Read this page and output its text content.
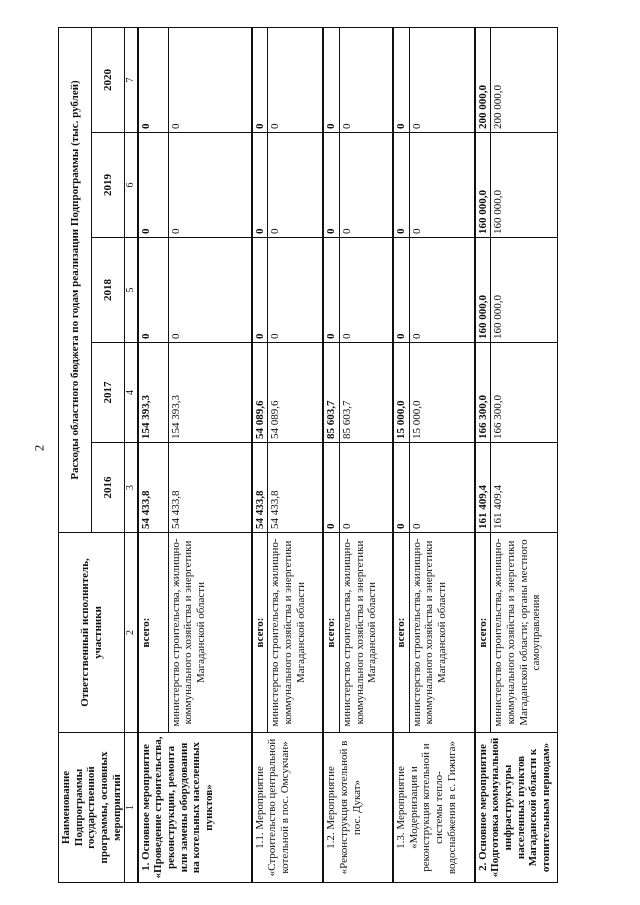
2
Наименование Подпрограммы государственной программы, основных мероприятий	Ответственный исполнитель, участники	Расходы областного бюджета по годам реализации Подпрограммы (тыс. рублей)				
		2016	2017	2018	2019	2020
1	2	3	4	5	6	7
1. Основное мероприятие «Проведение строительства, реконструкции, ремонта или замены оборудования на котельных населенных пунктов»	всего:	54 433,8	154 393,3	0	0	0
	министерство строительства, жилищно-коммунального хозяйства и энергетики Магаданской области	54 433,8	154 393,3	0	0	0
1.1. Мероприятие «Строительство центральной котельной в пос. Омсукчан»	всего:	54 433,8	54 089,6	0	0	0
	министерство строительства, жилищно-коммунального хозяйства и энергетики Магаданской области	54 433,8	54 089,6	0	0	0
1.2. Мероприятие «Реконструкция котельной в пос. Дукат»	всего:	0	85 603,7	0	0	0
	министерство строительства, жилищно-коммунального хозяйства и энергетики Магаданской области	0	85 603,7	0	0	0
1.3. Мероприятие «Модернизация и реконструкция котельной и системы тепло-водоснабжения в с. Гижига»	всего:	0	15 000,0	0	0	0
	министерство строительства, жилищно-коммунального хозяйства и энергетики Магаданской области	0	15 000,0	0	0	0
2. Основное мероприятие «Подготовка коммунальной инфраструктуры населенных пунктов Магаданской области к отопительным периодам»	всего:	161 409,4	166 300,0	160 000,0	160 000,0	200 000,0
	министерство строительства, жилищно-коммунального хозяйства и энергетики Магаданской области; органы местного самоуправления	161 409,4	166 300,0	160 000,0	160 000,0	200 000,0
